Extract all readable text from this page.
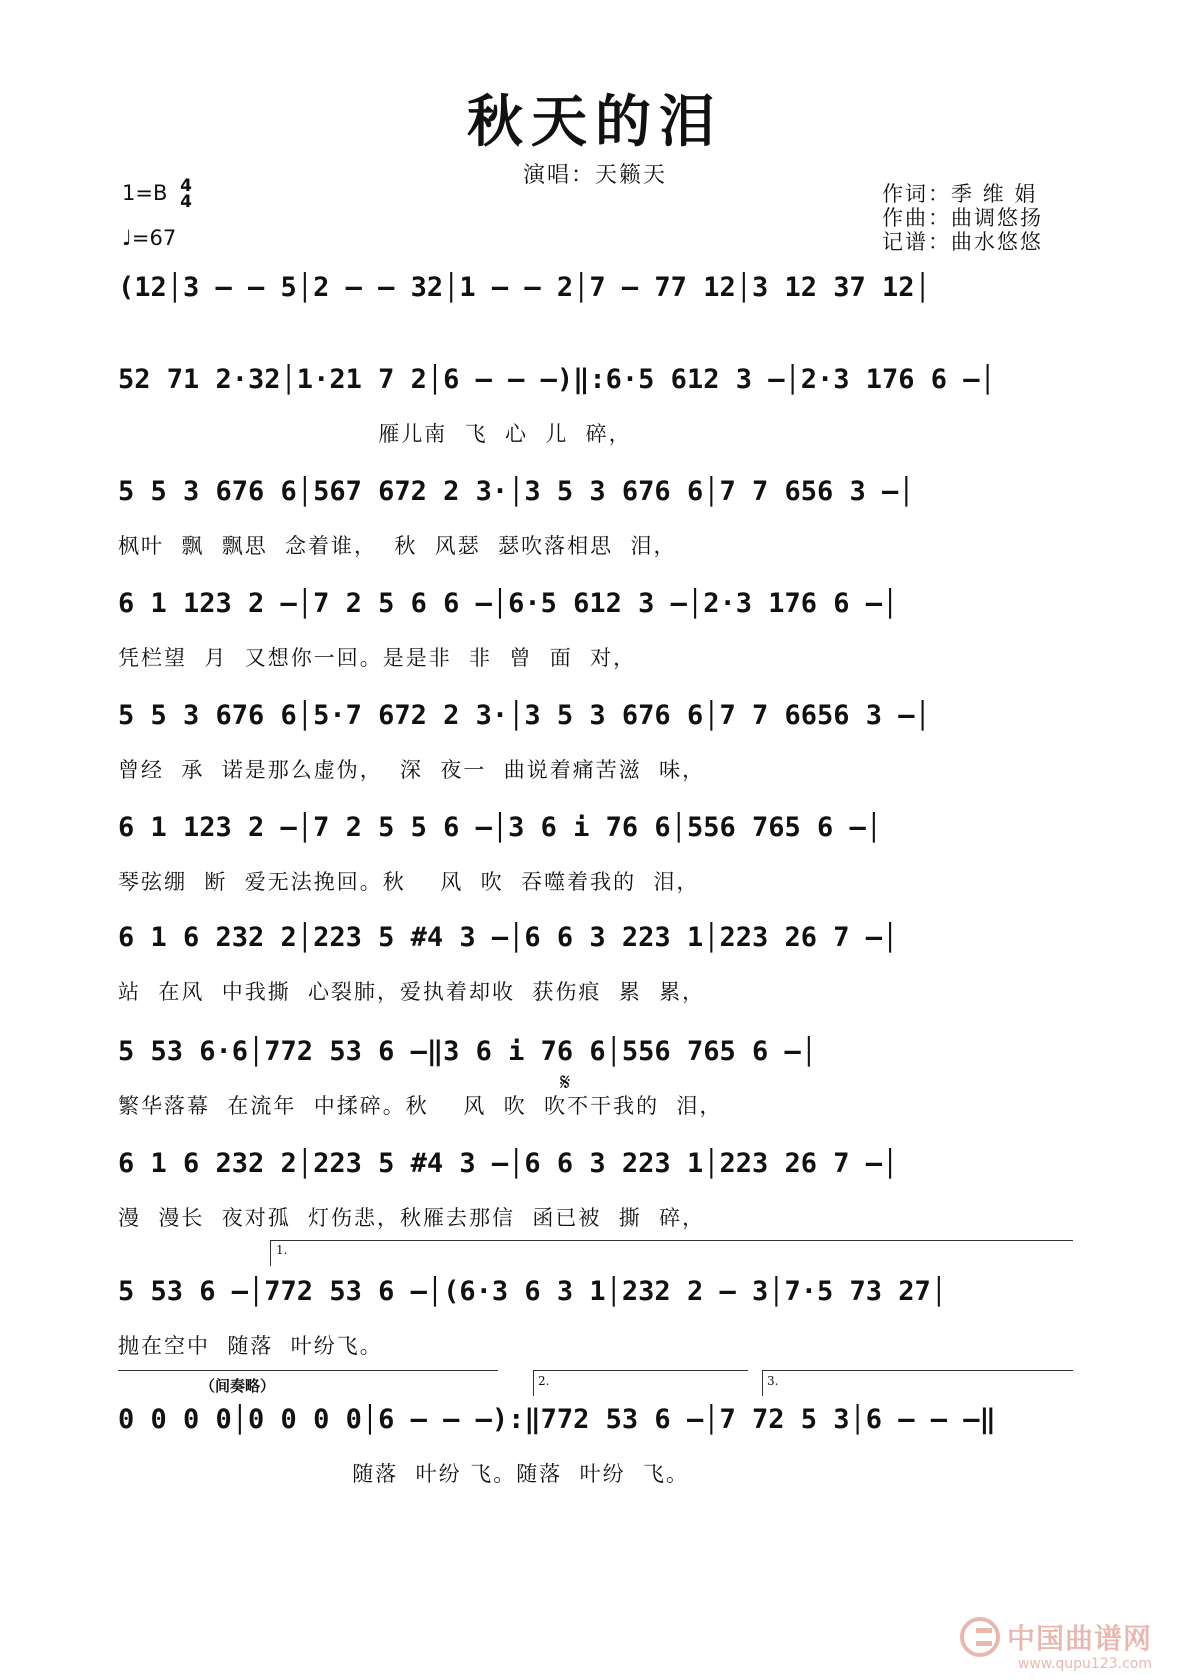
秋天的泪
演唱：天籁天
1=B 4
4
♩=67
作词：季 维 娟
作曲：曲调悠扬
记谱：曲水悠悠
(12│3 – – 5│2 – – 32│1 – – 2│7 – 77 12│3 12 37 12│
52 71 2·32│1·21 7 2│6 – – –)‖:6·5 612 3 –│2·3 176 6 –│
雁儿南  飞  心  儿  碎，
5 5 3 676 6│567 672 2 3·│3 5 3 676 6│7 7 656 3 –│
枫叶  飘  飘思  念着谁，  秋  风瑟  瑟吹落相思  泪，
6 1 123 2 –│7 2 5 6 6 –│6·5 612 3 –│2·3 176 6 –│
凭栏望  月  又想你一回。是是非  非  曾  面  对，
5 5 3 676 6│5·7 672 2 3·│3 5 3 676 6│7 7 6656 3 –│
曾经  承  诺是那么虚伪，  深  夜一  曲说着痛苦滋  味，
6 1 123 2 –│7 2 5 5 6 –│3 6 i 76 6│556 765 6 –│
琴弦绷  断  爱无法挽回。秋    风  吹  吞噬着我的  泪，
6 1 6 232 2│223 5 #4 3 –│6 6 3 223 1│223 26 7 –│
站  在风  中我撕  心裂肺，爱执着却收  获伤痕  累  累，
5 53 6·6│772 53 6 –‖3 6 i 76 6│556 765 6 –│
繁华落幕  在流年  中揉碎。秋    风  吹  吹不干我的  泪，
6 1 6 232 2│223 5 #4 3 –│6 6 3 223 1│223 26 7 –│
漫  漫长  夜对孤  灯伤悲，秋雁去那信  函已被  撕  碎，
5 53 6 –│772 53 6 –│(6·3 6 3 1│232 2 – 3│7·5 73 27│
抛在空中  随落  叶纷飞。
0 0 0 0│0 0 0 0│6 – – –):‖772 53 6 –│7 72 5 3│6 – – –‖
随落  叶纷 飞。随落  叶纷  飞。
1.
（间奏略）	2.	3.
𝄋
中国曲谱网
www.qupu123.com
